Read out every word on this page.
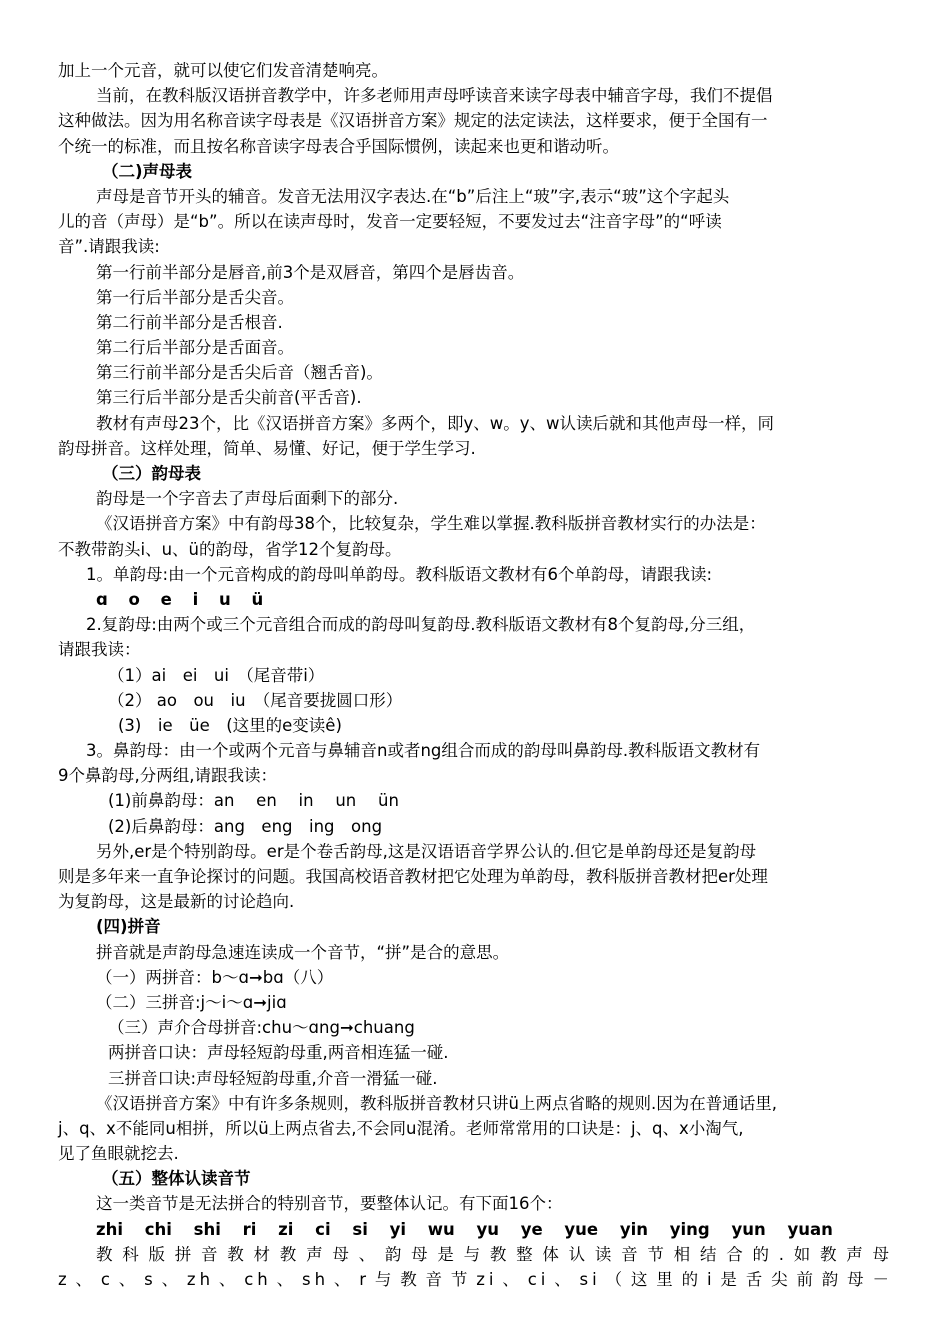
加上一个元音，就可以使它们发音清楚响亮。
当前，在教科版汉语拼音教学中，许多老师用声母呼读音来读字母表中辅音字母，我们不提倡
这种做法。因为用名称音读字母表是《汉语拼音方案》规定的法定读法，这样要求，便于全国有一
个统一的标准，而且按名称音读字母表合乎国际惯例，读起来也更和谐动听。
（二)声母表
声母是音节开头的辅音。发音无法用汉字表达.在“b”后注上“玻”字,表示“玻”这个字起头
儿的音（声母）是“b”。所以在读声母时，发音一定要轻短，不要发过去“注音字母”的“呼读
音”.请跟我读:
第一行前半部分是唇音,前3个是双唇音，第四个是唇齿音。
第一行后半部分是舌尖音。
第二行前半部分是舌根音.
第二行后半部分是舌面音。
第三行前半部分是舌尖后音（翘舌音)。
第三行后半部分是舌尖前音(平舌音).
教材有声母23个，比《汉语拼音方案》多两个，即y、w。y、w认读后就和其他声母一样，同
韵母拼音。这样处理，简单、易懂、好记，便于学生学习.
（三）韵母表
韵母是一个字音去了声母后面剩下的部分.
《汉语拼音方案》中有韵母38个，比较复杂，学生难以掌握.教科版拼音教材实行的办法是：
不教带韵头i、u、ü的韵母，省学12个复韵母。
1。单韵母:由一个元音构成的韵母叫单韵母。教科版语文教材有6个单韵母，请跟我读:
ɑ o e i u ü
2.复韵母:由两个或三个元音组合而成的韵母叫复韵母.教科版语文教材有8个复韵母,分三组，
请跟我读：
（1）ai　ei　ui　（尾音带i）
（2） ao　ou　iu　（尾音要拢圆口形）
(3)　ie　üe　(这里的e变读ê)
3。鼻韵母：由一个或两个元音与鼻辅音n或者ng组合而成的韵母叫鼻韵母.教科版语文教材有
9个鼻韵母,分两组,请跟我读：
(1)前鼻韵母：an　 en　 in　 un　 ün
(2)后鼻韵母：ang　eng　ing　ong
另外,er是个特别韵母。er是个卷舌韵母,这是汉语语音学界公认的.但它是单韵母还是复韵母
则是多年来一直争论探讨的问题。我国高校语音教材把它处理为单韵母，教科版拼音教材把er处理
为复韵母，这是最新的讨论趋向.
(四)拼音
拼音就是声韵母急速连读成一个音节，“拼”是合的意思。
（一）两拼音：b～ɑ➞bɑ（八）
（二）三拼音:j～i～ɑ➞jiɑ
（三）声介合母拼音:chu～ɑng➞chuang
两拼音口诀：声母轻短韵母重,两音相连猛一碰.
三拼音口诀:声母轻短韵母重,介音一滑猛一碰.
《汉语拼音方案》中有许多条规则，教科版拼音教材只讲ü上两点省略的规则.因为在普通话里,
j、q、x不能同u相拼，所以ü上两点省去,不会同u混淆。老师常常用的口诀是：j、q、x小淘气,
见了鱼眼就挖去.
（五）整体认读音节
这一类音节是无法拼合的特别音节，要整体认记。有下面16个：
zhi chi shi ri zi ci si yi wu yu ye yue yin ying yun yuan
教科版拼音教材教声母、韵母是与教整体认读音节相结合的.如教声母
z、c、s、zh、ch、sh、r与教音节zi、ci、si（这里的i是舌尖前韵母－
